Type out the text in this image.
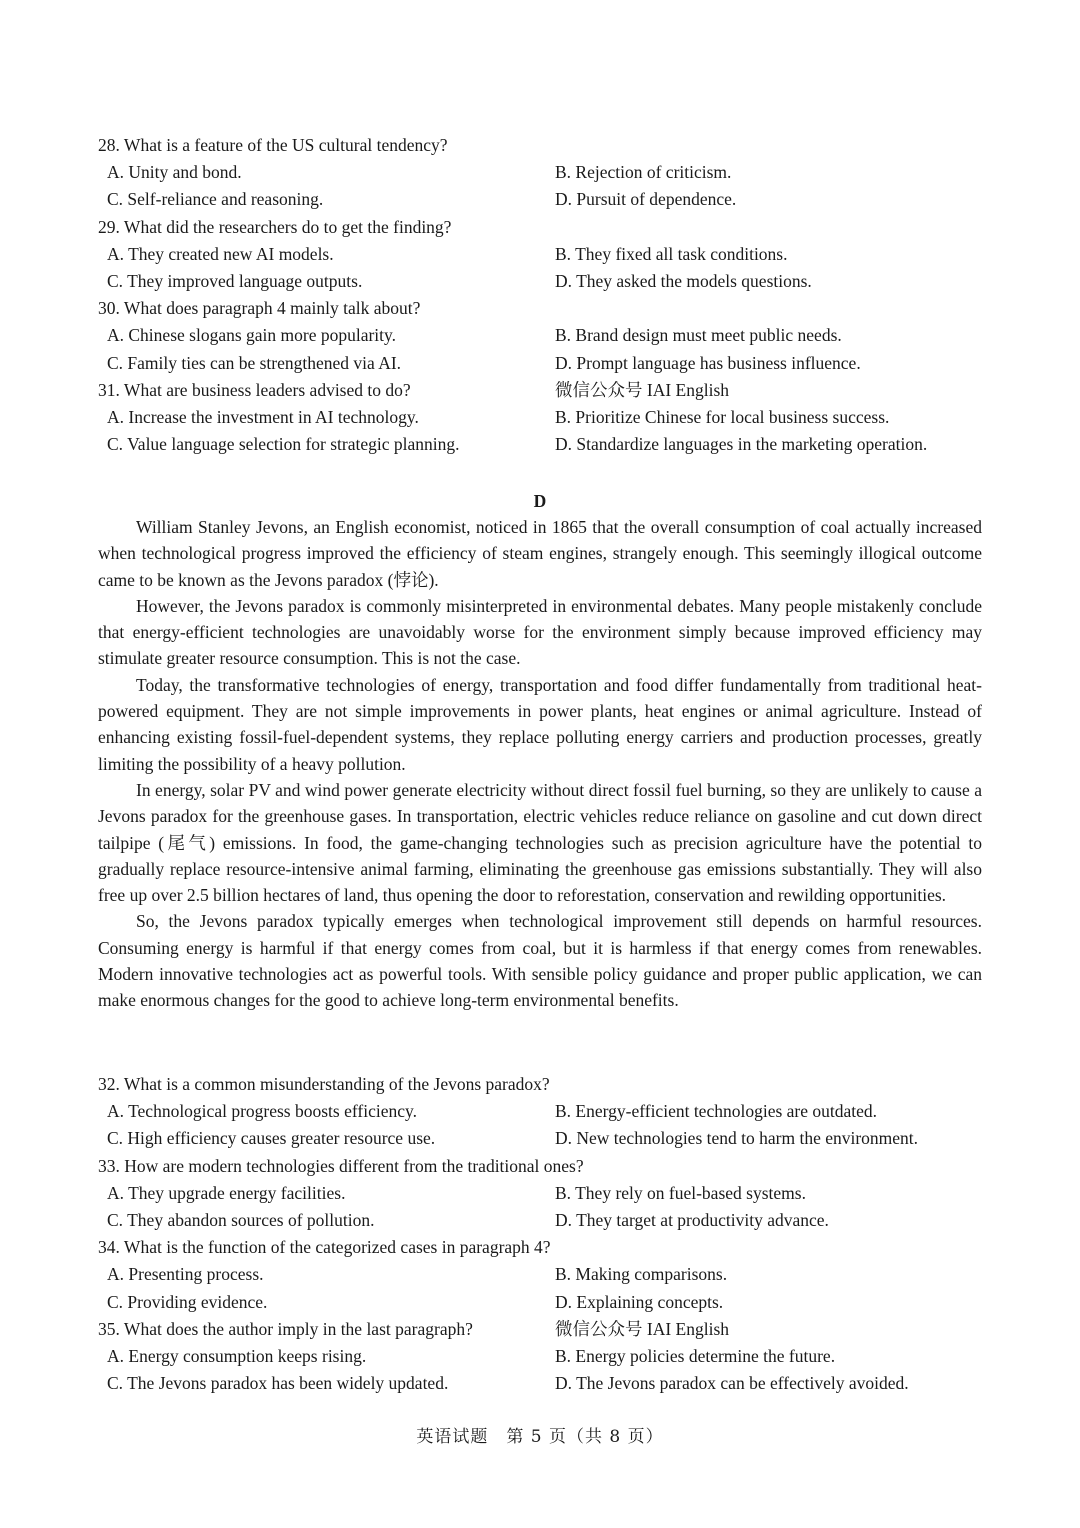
28. What is a feature of the US cultural tendency?
A. Unity and bond.	B. Rejection of criticism.
C. Self-reliance and reasoning.	D. Pursuit of dependence.
29. What did the researchers do to get the finding?
A. They created new AI models.	B. They fixed all task conditions.
C. They improved language outputs.	D. They asked the models questions.
30. What does paragraph 4 mainly talk about?
A. Chinese slogans gain more popularity.	B. Brand design must meet public needs.
C. Family ties can be strengthened via AI.	D. Prompt language has business influence.
31. What are business leaders advised to do?	微信公众号 IAI English
A. Increase the investment in AI technology.	B. Prioritize Chinese for local business success.
C. Value language selection for strategic planning.	D. Standardize languages in the marketing operation.
D

William Stanley Jevons, an English economist, noticed in 1865 that the overall consumption of coal actually increased when technological progress improved the efficiency of steam engines, strangely enough. This seemingly illogical outcome came to be known as the Jevons paradox (悖论).

However, the Jevons paradox is commonly misinterpreted in environmental debates. Many people mistakenly conclude that energy-efficient technologies are unavoidably worse for the environment simply because improved efficiency may stimulate greater resource consumption. This is not the case.

Today, the transformative technologies of energy, transportation and food differ fundamentally from traditional heat-powered equipment. They are not simple improvements in power plants, heat engines or animal agriculture. Instead of enhancing existing fossil-fuel-dependent systems, they replace polluting energy carriers and production processes, greatly limiting the possibility of a heavy pollution.

In energy, solar PV and wind power generate electricity without direct fossil fuel burning, so they are unlikely to cause a Jevons paradox for the greenhouse gases. In transportation, electric vehicles reduce reliance on gasoline and cut down direct tailpipe (尾气) emissions. In food, the game-changing technologies such as precision agriculture have the potential to gradually replace resource-intensive animal farming, eliminating the greenhouse gas emissions substantially. They will also free up over 2.5 billion hectares of land, thus opening the door to reforestation, conservation and rewilding opportunities.

So, the Jevons paradox typically emerges when technological improvement still depends on harmful resources. Consuming energy is harmful if that energy comes from coal, but it is harmless if that energy comes from renewables. Modern innovative technologies act as powerful tools. With sensible policy guidance and proper public application, we can make enormous changes for the good to achieve long-term environmental benefits.

32. What is a common misunderstanding of the Jevons paradox?
A. Technological progress boosts efficiency.	B. Energy-efficient technologies are outdated.
C. High efficiency causes greater resource use.	D. New technologies tend to harm the environment.
33. How are modern technologies different from the traditional ones?
A. They upgrade energy facilities.	B. They rely on fuel-based systems.
C. They abandon sources of pollution.	D. They target at productivity advance.
34. What is the function of the categorized cases in paragraph 4?
A. Presenting process.	B. Making comparisons.
C. Providing evidence.	D. Explaining concepts.
35. What does the author imply in the last paragraph?	微信公众号 IAI English
A. Energy consumption keeps rising.	B. Energy policies determine the future.
C. The Jevons paradox has been widely updated.	D. The Jevons paradox can be effectively avoided.
英语试题　第 5 页（共 8 页）
